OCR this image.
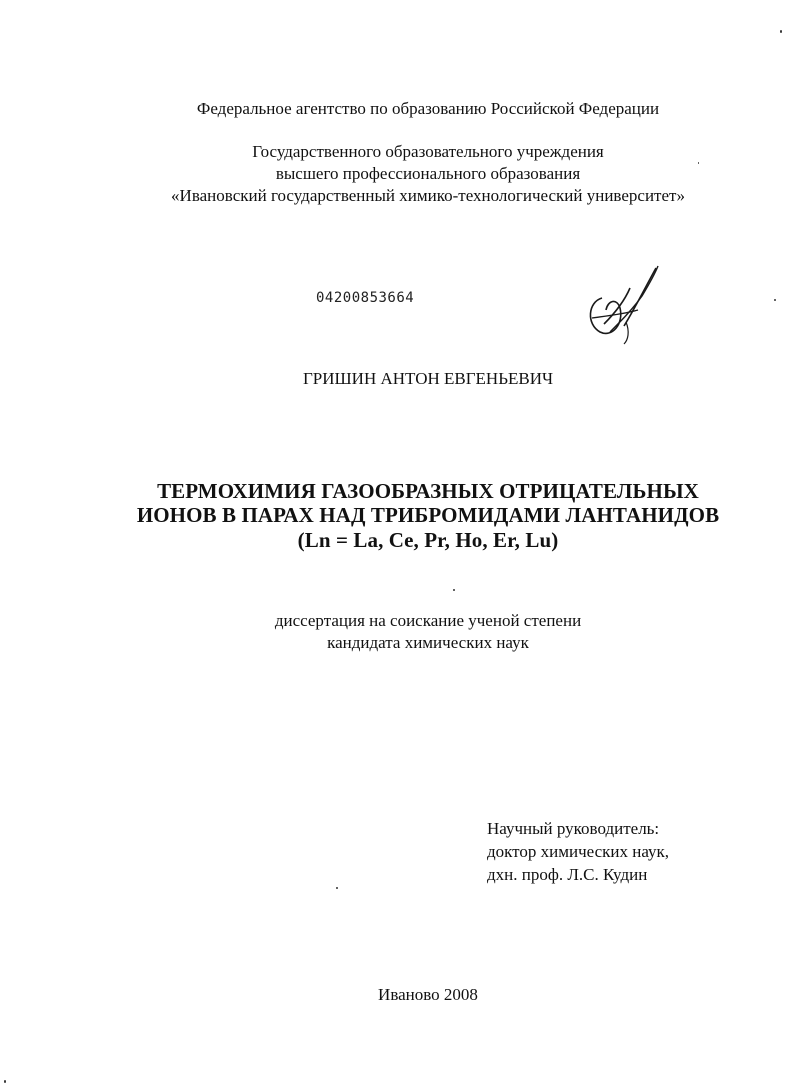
Федеральное агентство по образованию Российской Федерации
Государственного образовательного учреждения
высшего профессионального образования
«Ивановский государственный химико-технологический университет»
04200853664
ГРИШИН АНТОН ЕВГЕНЬЕВИЧ
ТЕРМОХИМИЯ ГАЗООБРАЗНЫХ ОТРИЦАТЕЛЬНЫХ
ИОНОВ В ПАРАХ НАД ТРИБРОМИДАМИ ЛАНТАНИДОВ
(Ln = La, Ce, Pr, Ho, Er, Lu)
диссертация на соискание ученой степени
кандидата химических наук
Научный руководитель:
доктор химических наук,
дхн. проф. Л.С. Кудин
Иваново 2008
